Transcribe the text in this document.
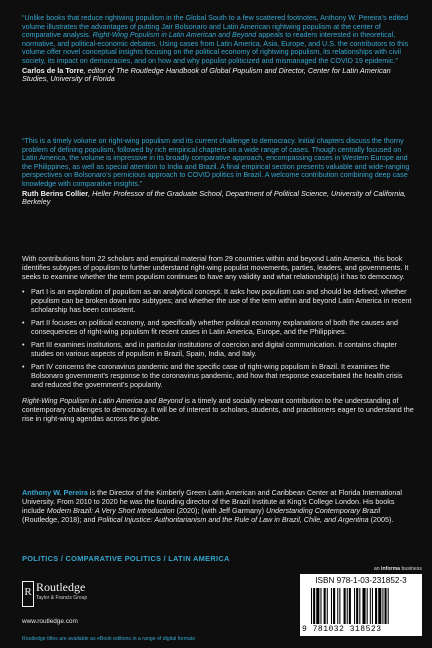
“Unlike books that reduce rightwing populism in the Global South to a few scattered footnotes, Anthony W. Pereira’s edited volume illustrates the advantages of putting Jair Bolsonaro and Latin American rightwing populism at the center of comparative analysis. Right-Wing Populism in Latin American and Beyond appeals to readers interested in theoretical, normative, and political-economic debates. Using cases from Latin America, Asia, Europe, and U.S. the contributors to this volume offer novel conceptual insights focusing on the political economy of rightwing populism, its relationships with civil society, its impact on democracies, and on how and why populist politicized and mismanaged the COVID 19 epidemic.”

Carlos de la Torre, editor of The Routledge Handbook of Global Populism and Director, Center for Latin American Studies, University of Florida

“This is a timely volume on right-wing populism and its current challenge to democracy. Initial chapters discuss the thorny problem of defining populism, followed by rich empirical chapters on a wide range of cases. Though centrally focused on Latin America, the volume is impressive in its broadly comparative approach, encompassing cases in Western Europe and the Philippines, as well as special attention to India and Brazil. A final empirical section presents valuable and wide-ranging perspectives on Bolsonaro’s pernicious approach to COVID politics in Brazil. A welcome contribution combining deep case knowledge with comparative insights.”

Ruth Berins Collier, Heller Professor of the Graduate School, Department of Political Science, University of California, Berkeley

With contributions from 22 scholars and empirical material from 29 countries within and beyond Latin America, this book identifies subtypes of populism to further understand right-wing populist movements, parties, leaders, and governments. It seeks to examine whether the term populism continues to have any validity and what relationship(s) it has to democracy.

• Part I is an exploration of populism as an analytical concept. It asks how populism can and should be defined; whether populism can be broken down into subtypes; and whether the use of the term within and beyond Latin America in recent scholarship has been consistent.
• Part II focuses on political economy, and specifically whether political economy explanations of both the causes and consequences of right-wing populism fit recent cases in Latin America, Europe, and the Philippines.
• Part III examines institutions, and in particular institutions of coercion and digital communication. It contains chapter studies on various aspects of populism in Brazil, Spain, India, and Italy.
• Part IV concerns the coronavirus pandemic and the specific case of right-wing populism in Brazil. It examines the Bolsonaro government’s response to the coronavirus pandemic, and how that response exacerbated the health crisis and reduced the government’s popularity.

Right-Wing Populism in Latin America and Beyond is a timely and socially relevant contribution to the understanding of contemporary challenges to democracy. It will be of interest to scholars, students, and practitioners eager to understand the rise in right-wing agendas across the globe.

Anthony W. Pereira is the Director of the Kimberly Green Latin American and Caribbean Center at Florida International University. From 2010 to 2020 he was the founding director of the Brazil Institute at King’s College London. His books include Modern Brazil: A Very Short Introduction (2020); (with Jeff Garmany) Understanding Contemporary Brazil (Routledge, 2018); and Political Injustice: Authoritarianism and the Rule of Law in Brazil, Chile, and Argentina (2005).

POLITICS / COMPARATIVE POLITICS / LATIN AMERICA

an informa business
R Routledge
Taylor & Francis Group
www.routledge.com
Routledge titles are available as eBook editions in a range of digital formats
ISBN 978-1-03-231852-3
9 781032 318523
